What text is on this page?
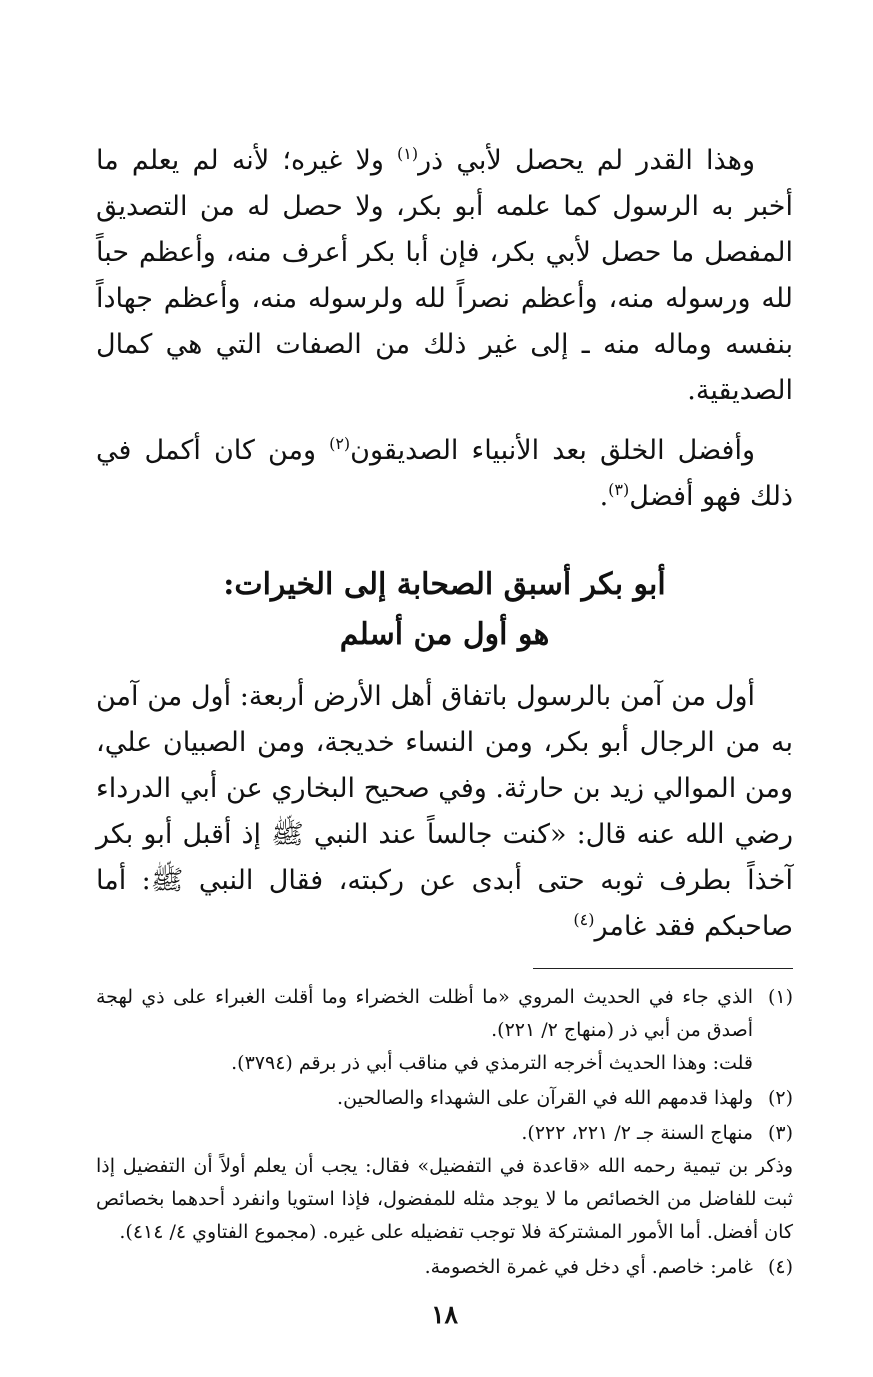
وهذا القدر لم يحصل لأبي ذر$^{(١)}$ ولا غيره؛ لأنه لم يعلم ما أخبر به الرسول كما علمه أبو بكر، ولا حصل له من التصديق المفصل ما حصل لأبي بكر، فإن أبا بكر أعرف منه، وأعظم حباً لله ورسوله منه، وأعظم نصراً لله ولرسوله منه، وأعظم جهاداً بنفسه وماله منه ـ إلى غير ذلك من الصفات التي هي كمال الصديقية.

وأفضل الخلق بعد الأنبياء الصديقون$^{(٢)}$ ومن كان أكمل في ذلك فهو أفضل$^{(٣)}$.

أبو بكر أسبق الصحابة إلى الخيرات:

هو أول من أسلم

أول من آمن بالرسول باتفاق أهل الأرض أربعة: أول من آمن به من الرجال أبو بكر، ومن النساء خديجة، ومن الصبيان علي، ومن الموالي زيد بن حارثة. وفي صحيح البخاري عن أبي الدرداء رضي الله عنه قال: «كنت جالساً عند النبي ﷺ إذ أقبل أبو بكر آخذاً بطرف ثوبه حتى أبدى عن ركبته، فقال النبي ﷺ: أما صاحبكم فقد غامر$^{(٤)}$

(١)
الذي جاء في الحديث المروي «ما أظلت الخضراء وما أقلت الغبراء على ذي لهجة أصدق من أبي ذر (منهاج ٢/ ٢٢١).
قلت: وهذا الحديث أخرجه الترمذي في مناقب أبي ذر برقم (٣٧٩٤).
(٢)
ولهذا قدمهم الله في القرآن على الشهداء والصالحين.
(٣)
منهاج السنة جـ ٢/ ٢٢١، ٢٢٢).
وذكر بن تيمية رحمه الله «قاعدة في التفضيل» فقال: يجب أن يعلم أولاً أن التفضيل إذا ثبت للفاضل من الخصائص ما لا يوجد مثله للمفضول، فإذا استويا وانفرد أحدهما بخصائص كان أفضل. أما الأمور المشتركة فلا توجب تفضيله على غيره. (مجموع الفتاوي ٤/ ٤١٤).
(٤)
غامر: خاصم. أي دخل في غمرة الخصومة.
١٨
